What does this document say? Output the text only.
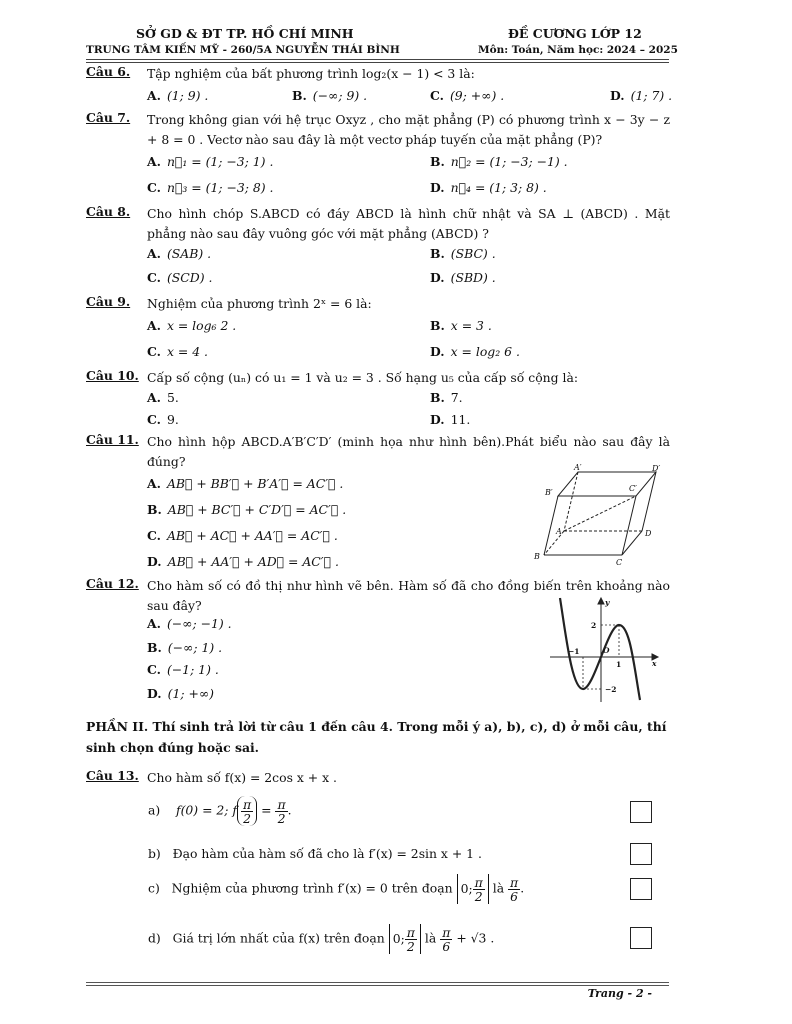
SỞ GD & ĐT TP. HỒ CHÍ MINH
TRUNG TÂM KIẾN MỸ - 260/5A NGUYỄN THÁI BÌNH
ĐỀ CƯƠNG LỚP 12
Môn: Toán, Năm học: 2024 – 2025
Câu 6. Tập nghiệm của bất phương trình log₂(x − 1) < 3 là:
A. (1; 9) .	B. (−∞; 9) .	C. (9; +∞) .	D. (1; 7) .
Câu 7. Trong không gian với hệ trục Oxyz , cho mặt phẳng (P) có phương trình x − 3y − z + 8 = 0 . Vectơ nào sau đây là một vectơ pháp tuyến của mặt phẳng (P)?
A. n⃗₁ = (1; −3; 1) .	B. n⃗₂ = (1; −3; −1) .
C. n⃗₃ = (1; −3; 8) .	D. n⃗₄ = (1; 3; 8) .
Câu 8. Cho hình chóp S.ABCD có đáy ABCD là hình chữ nhật và SA ⊥ (ABCD) . Mặt phẳng nào sau đây vuông góc với mặt phẳng (ABCD) ?
A. (SAB) .	B. (SBC) .
C. (SCD) .	D. (SBD) .
Câu 9. Nghiệm của phương trình 2ˣ = 6 là:
A. x = log₆ 2 .	B. x = 3 .
C. x = 4 .	D. x = log₂ 6 .
Câu 10. Cấp số cộng (uₙ) có u₁ = 1 và u₂ = 3 . Số hạng u₅ của cấp số cộng là:
A. 5.	B. 7.
C. 9.	D. 11.
Câu 11. Cho hình hộp ABCD.A′B′C′D′ (minh họa như hình bên).Phát biểu nào sau đây là đúng?
A. AB⃗ + BB′⃗ + B′A′⃗ = AC′⃗ .
B. AB⃗ + BC′⃗ + C′D′⃗ = AC′⃗ .
C. AB⃗ + AC⃗ + AA′⃗ = AC′⃗ .
D. AB⃗ + AA′⃗ + AD⃗ = AC′⃗ .
A′	D′
B′	C′
A	D
B
C
Câu 12. Cho hàm số có đồ thị như hình vẽ bên. Hàm số đã cho đồng biến trên khoảng nào sau đây?
A. (−∞; −1) .
B. (−∞; 1) .
C. (−1; 1) .
D. (1; +∞)
y
x
O
2
−1
1
−2
PHẦN II. Thí sinh trả lời từ câu 1 đến câu 4. Trong mỗi ý a), b), c), d) ở mỗi câu, thí sinh chọn đúng hoặc sai.
Câu 13. Cho hàm số f(x) = 2cos x + x .
a) f(0) = 2; f $\frac{\pi}{2} = \frac{\pi}{2}$ .
b) Đạo hàm của hàm số đã cho là f′(x) = 2sin x + 1 .
c) Nghiệm của phương trình f′(x) = 0 trên đoạn 0; $\frac{\pi}{2}$ là $\frac{\pi}{6}$ .
d) Giá trị lớn nhất của f(x) trên đoạn 0; $\frac{\pi}{2}$ là $\frac{\pi}{6} + √3$ .
Trang - 2 -
